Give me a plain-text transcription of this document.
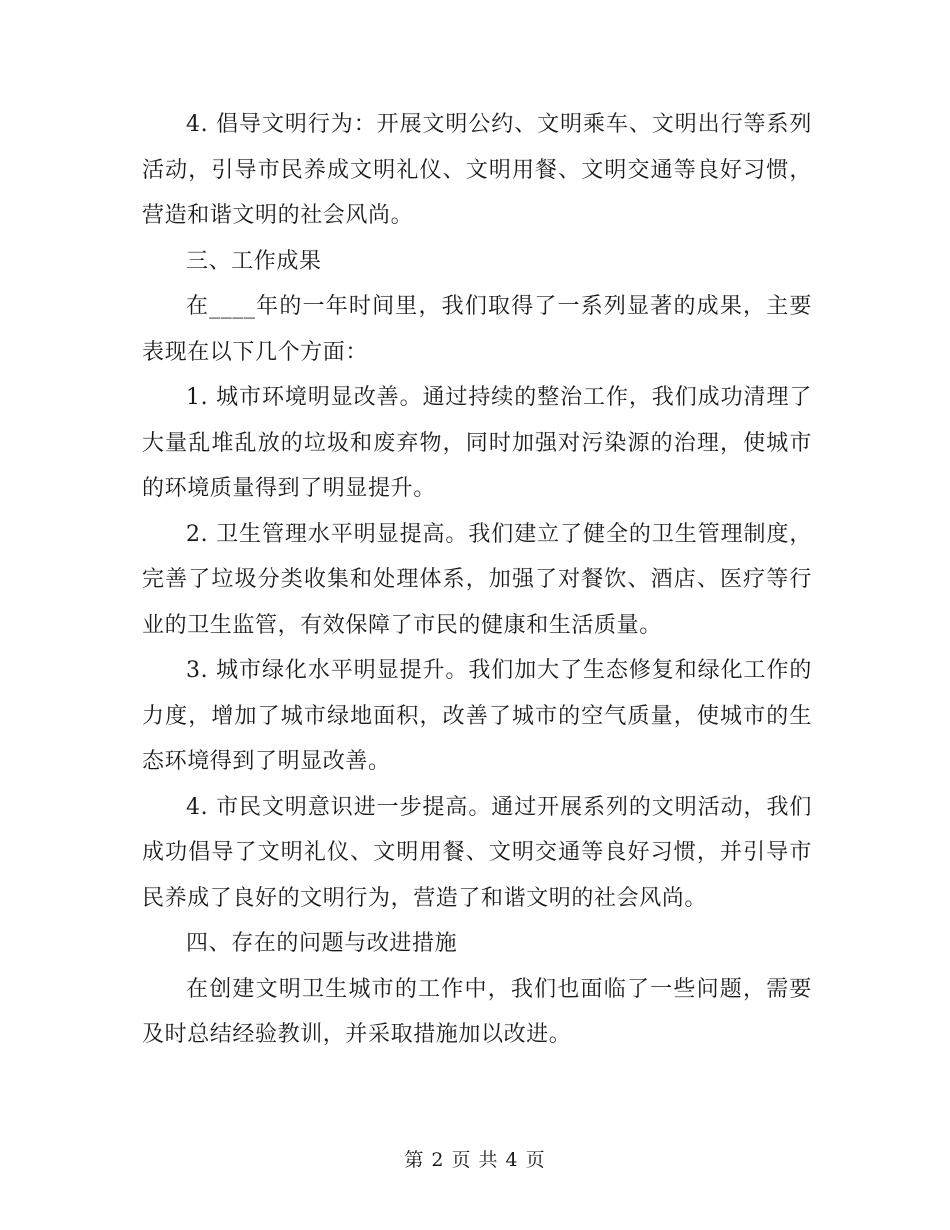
4. 倡导文明行为：开展文明公约、文明乘车、文明出行等系列活动，引导市民养成文明礼仪、文明用餐、文明交通等良好习惯，营造和谐文明的社会风尚。

三、工作成果

在____年的一年时间里，我们取得了一系列显著的成果，主要表现在以下几个方面：

1. 城市环境明显改善。通过持续的整治工作，我们成功清理了大量乱堆乱放的垃圾和废弃物，同时加强对污染源的治理，使城市的环境质量得到了明显提升。

2. 卫生管理水平明显提高。我们建立了健全的卫生管理制度，完善了垃圾分类收集和处理体系，加强了对餐饮、酒店、医疗等行业的卫生监管，有效保障了市民的健康和生活质量。

3. 城市绿化水平明显提升。我们加大了生态修复和绿化工作的力度，增加了城市绿地面积，改善了城市的空气质量，使城市的生态环境得到了明显改善。

4. 市民文明意识进一步提高。通过开展系列的文明活动，我们成功倡导了文明礼仪、文明用餐、文明交通等良好习惯，并引导市民养成了良好的文明行为，营造了和谐文明的社会风尚。

四、存在的问题与改进措施

在创建文明卫生城市的工作中，我们也面临了一些问题，需要及时总结经验教训，并采取措施加以改进。

第 2 页 共 4 页
